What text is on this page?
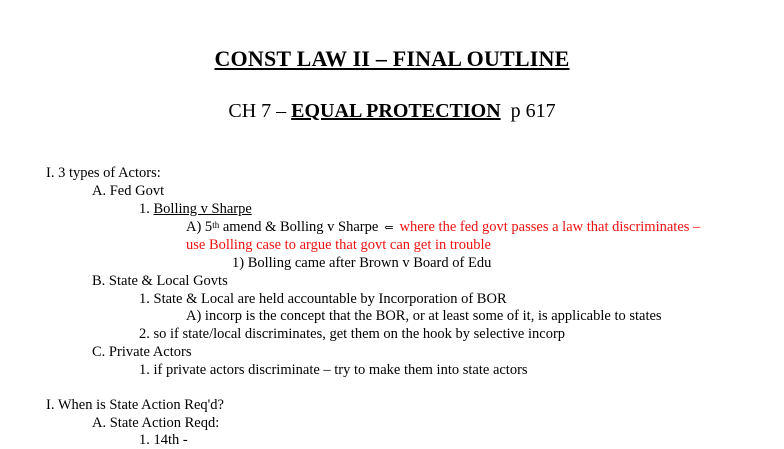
CONST LAW II – FINAL OUTLINE
CH 7 – EQUAL PROTECTION p 617
I. 3 types of Actors:
A. Fed Govt
1. Bolling v Sharpe
A) 5th amend & Bolling v Sharpe ⇐ where the fed govt passes a law that discriminates –
use Bolling case to argue that govt can get in trouble
1) Bolling came after Brown v Board of Edu
B. State & Local Govts
1. State & Local are held accountable by Incorporation of BOR
A) incorp is the concept that the BOR, or at least some of it, is applicable to states
2. so if state/local discriminates, get them on the hook by selective incorp
C. Private Actors
1. if private actors discriminate – try to make them into state actors
I. When is State Action Req'd?
A. State Action Reqd:
1. 14th -
